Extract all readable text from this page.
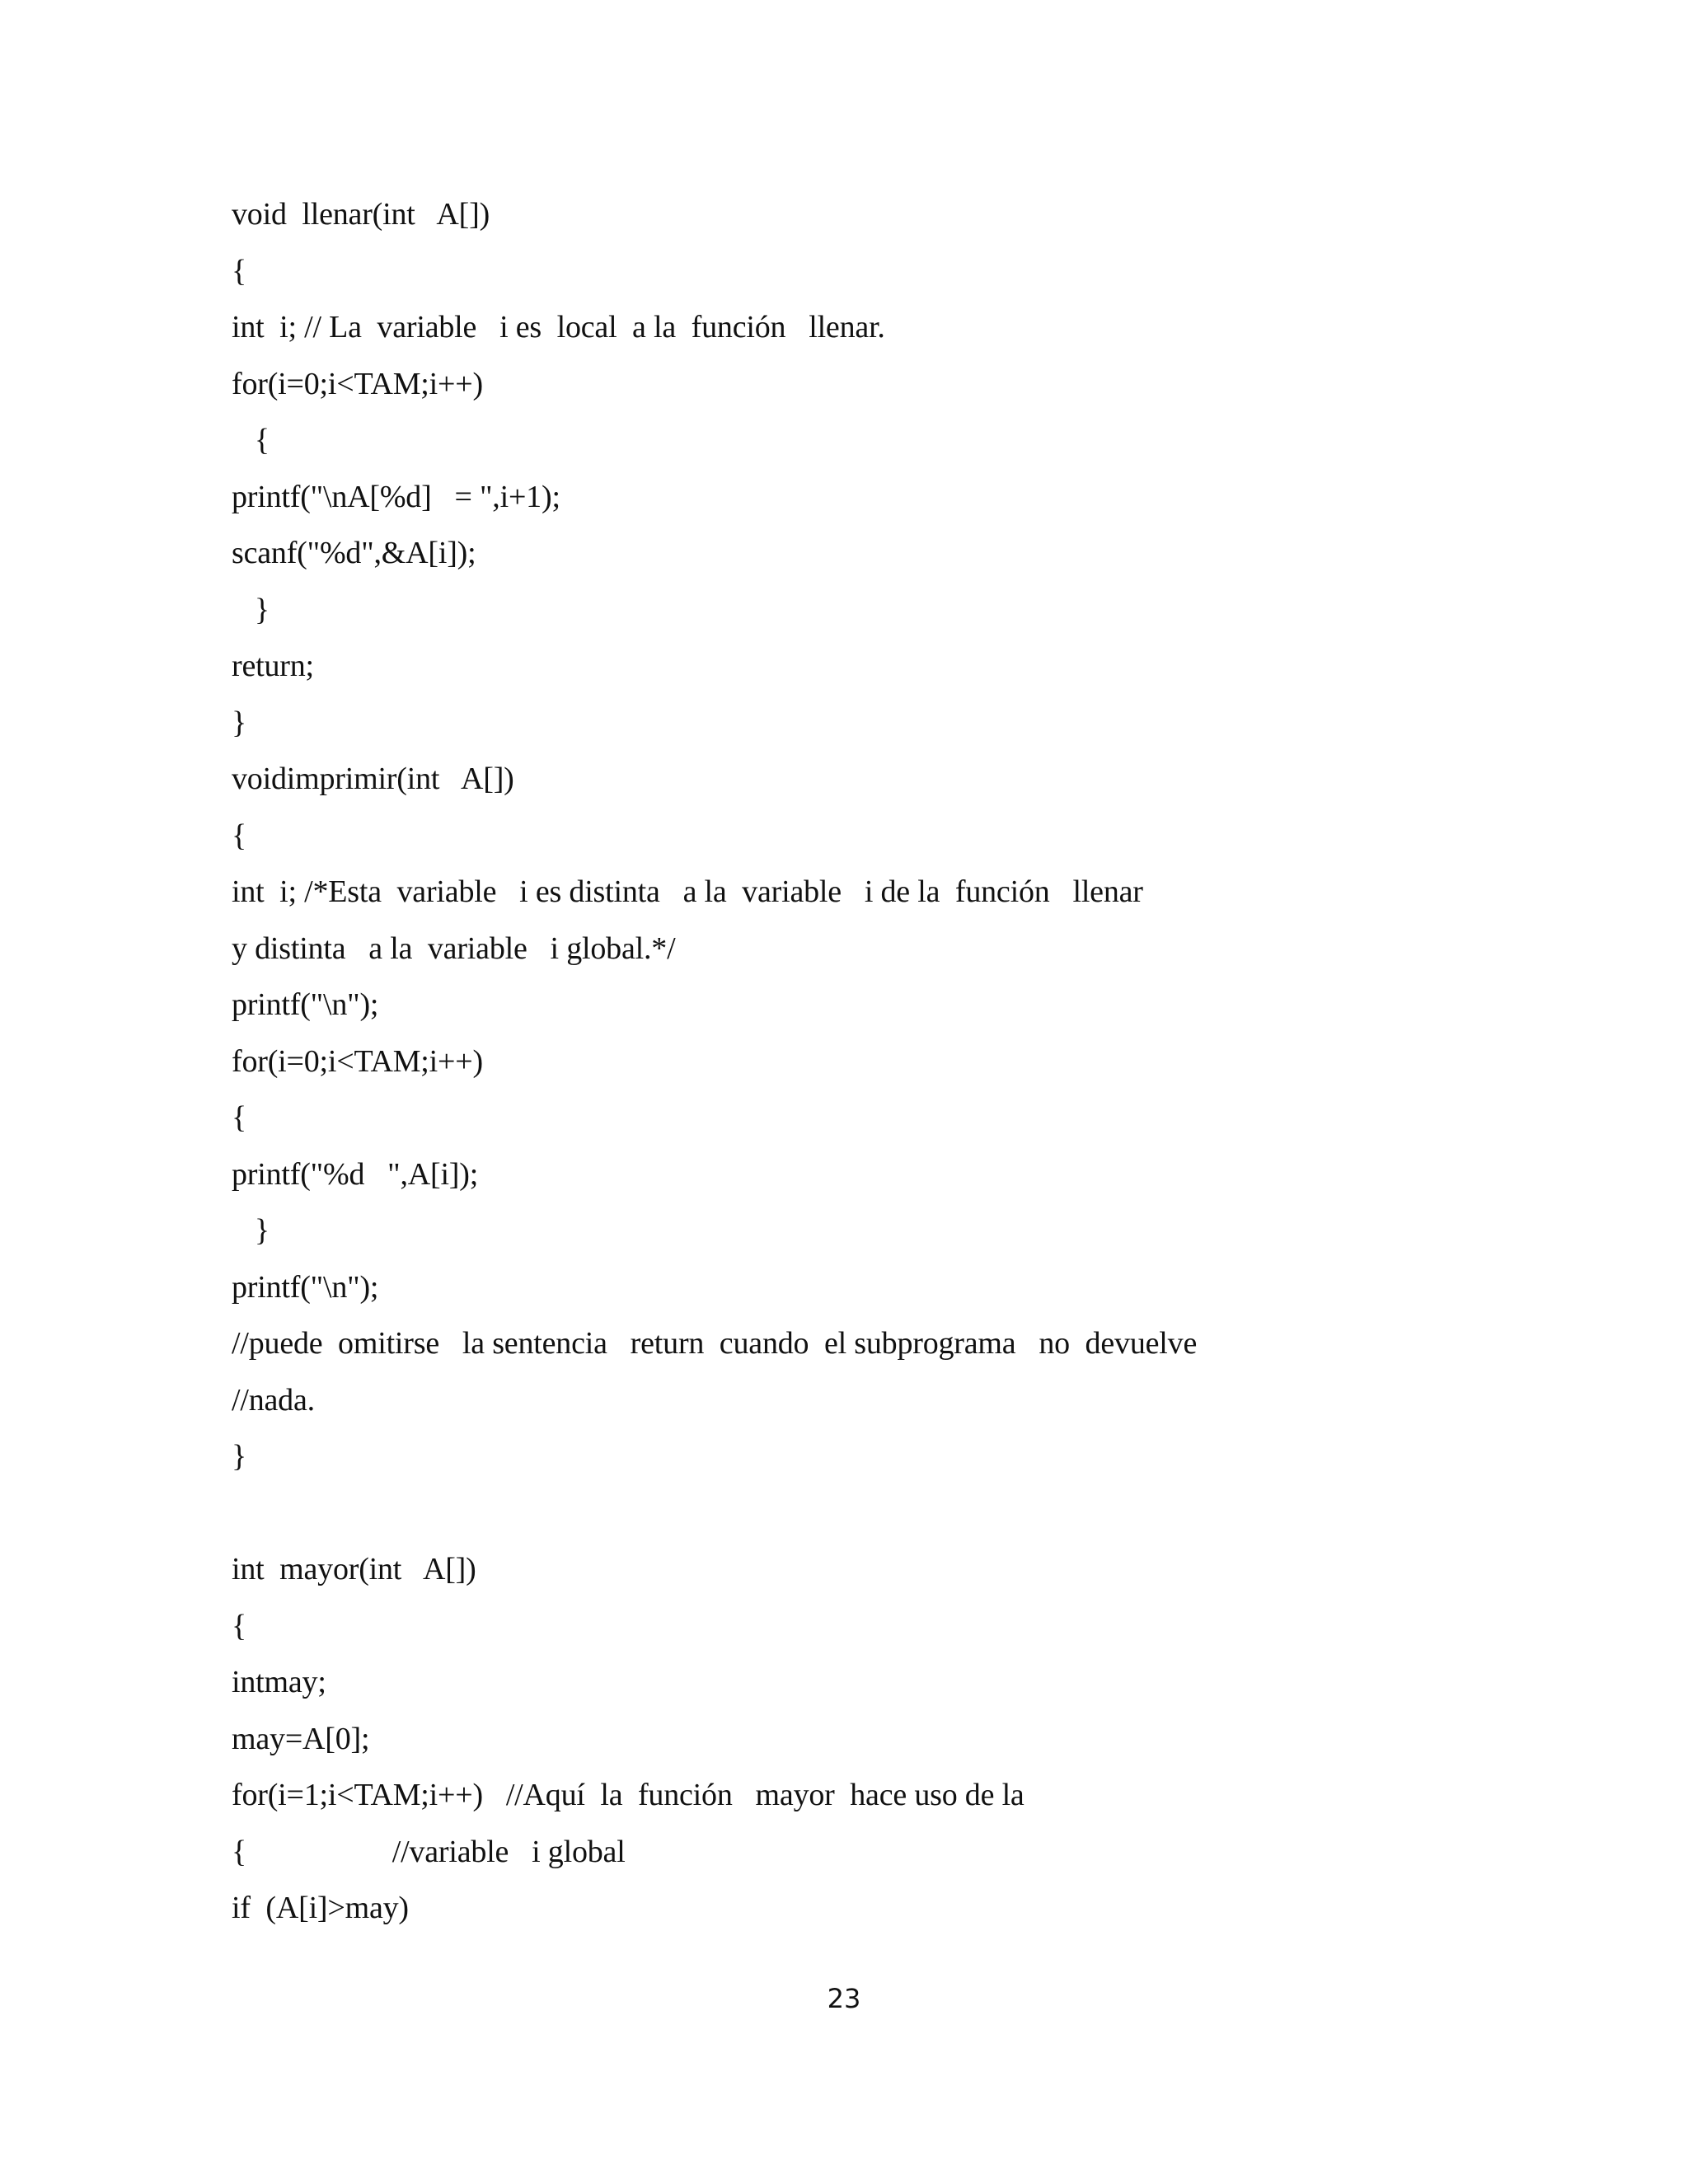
void  llenar(int   A[])
{
int  i; // La  variable   i es  local  a la  función   llenar.
for(i=0;i<TAM;i++)
{
printf("\nA[%d]   = ",i+1);
scanf("%d",&A[i]);
}
return;
}
voidimprimir(int   A[])
{
int  i; /*Esta  variable   i es distinta   a la  variable   i de la  función   llenar
y distinta   a la  variable   i global.*/
printf("\n");
for(i=0;i<TAM;i++)
{
printf("%d   ",A[i]);
}
printf("\n");
//puede  omitirse   la sentencia   return  cuando  el subprograma   no  devuelve
//nada.
}
int  mayor(int   A[])
{
intmay;
may=A[0];
for(i=1;i<TAM;i++)   //Aquí  la  función   mayor  hace uso de la
{                   //variable   i global
if  (A[i]>may)
23
